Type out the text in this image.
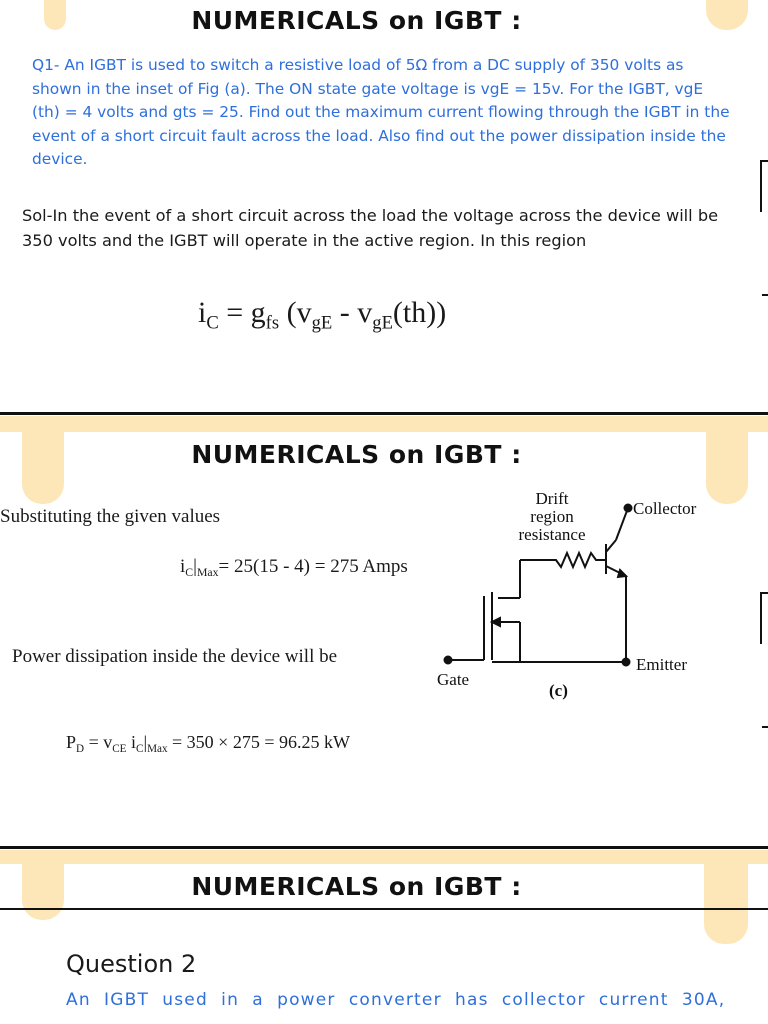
NUMERICALS on IGBT :
Q1- An IGBT is used to switch a resistive load of 5Ω from a DC supply of 350 volts as shown in the inset of Fig (a). The ON state gate voltage is vgE = 15v. For the IGBT, vgE (th) = 4 volts and gts = 25. Find out the maximum current flowing through the IGBT in the event of a short circuit fault across the load. Also find out the power dissipation inside the device.
Sol-In the event of a short circuit across the load the voltage across the device will be 350 volts and the IGBT will operate in the active region. In this region
$i_C = g_{fs}$ $(v_{gE} - v_{gE}(th))$
NUMERICALS on IGBT :
Substituting the given values
$i_C|_{Max}= 25(15 - 4) = 275$ Amps
Power dissipation inside the device will be
$P_D = v_{CE}$ $i_C|_{Max} = 350 \times 275 = 96.25$ kW
Drift
region
resistance
Collector
Emitter
Gate
(c)
NUMERICALS on IGBT :
Question 2
An  IGBT  used  in  a  power  converter  has  collector  current  30A,
